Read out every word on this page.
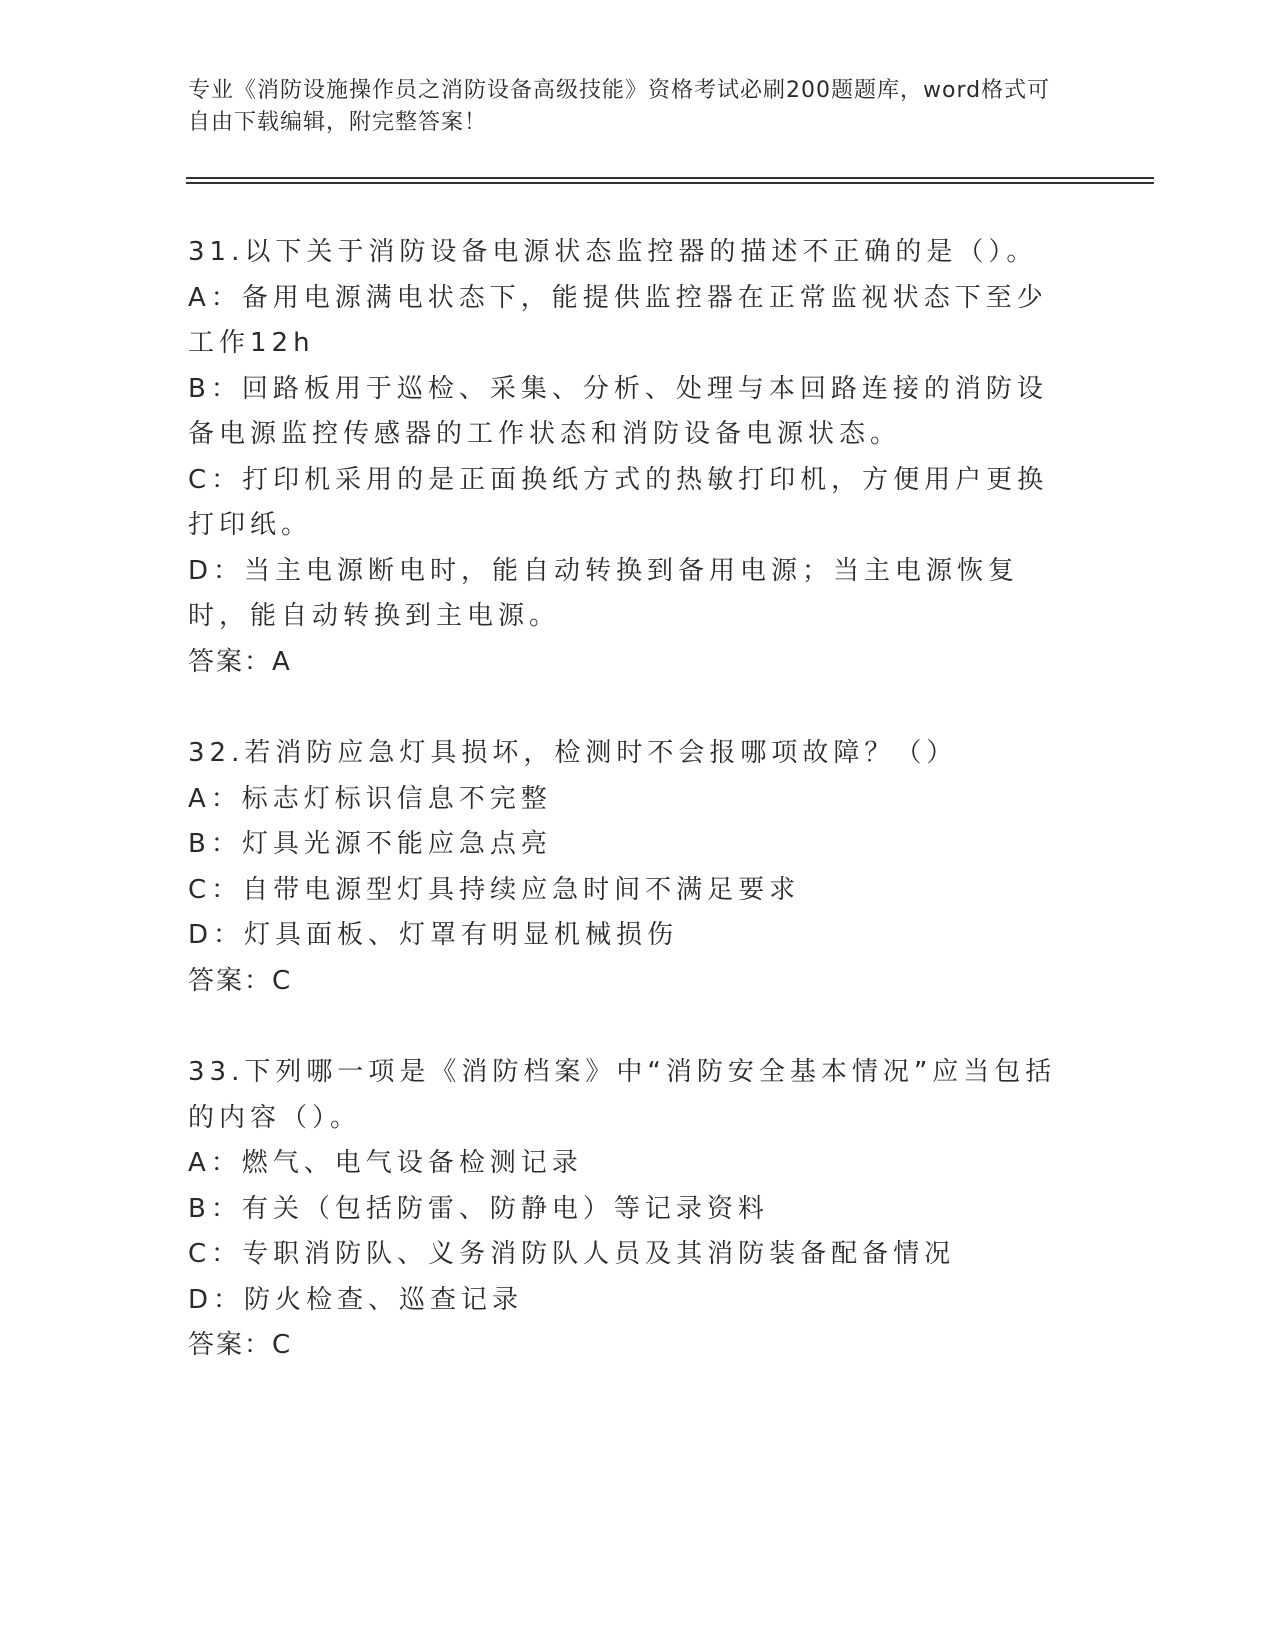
专业《消防设施操作员之消防设备高级技能》资格考试必刷200题题库，word格式可自由下载编辑，附完整答案！
31.以下关于消防设备电源状态监控器的描述不正确的是（）。
A：备用电源满电状态下，能提供监控器在正常监视状态下至少工作12h
B：回路板用于巡检、采集、分析、处理与本回路连接的消防设备电源监控传感器的工作状态和消防设备电源状态。
C：打印机采用的是正面换纸方式的热敏打印机，方便用户更换打印纸。
D：当主电源断电时，能自动转换到备用电源；当主电源恢复时，能自动转换到主电源。
答案：A
32.若消防应急灯具损坏，检测时不会报哪项故障？（）
A：标志灯标识信息不完整
B：灯具光源不能应急点亮
C：自带电源型灯具持续应急时间不满足要求
D：灯具面板、灯罩有明显机械损伤
答案：C
33.下列哪一项是《消防档案》中“消防安全基本情况”应当包括的内容（）。
A：燃气、电气设备检测记录
B：有关（包括防雷、防静电）等记录资料
C：专职消防队、义务消防队人员及其消防装备配备情况
D：防火检查、巡查记录
答案：C
